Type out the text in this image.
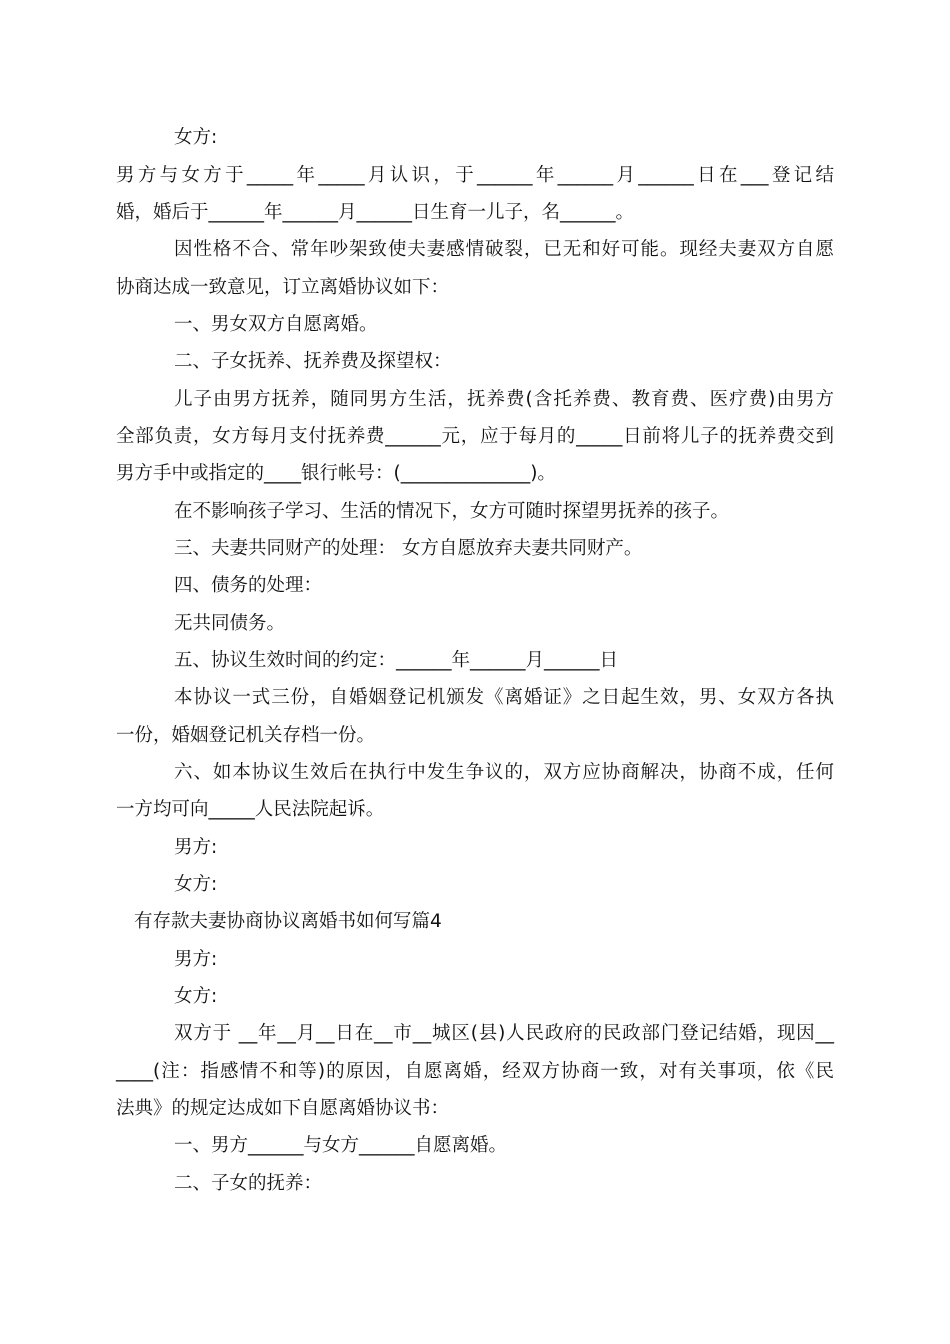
女方:
男方与女方于_____年_____月认识，于______年______月______日在___登记结
婚，婚后于______年______月______日生育一儿子，名______。
因性格不合、常年吵架致使夫妻感情破裂，已无和好可能。现经夫妻双方自愿
协商达成一致意见，订立离婚协议如下：
一、男女双方自愿离婚。
二、子女抚养、抚养费及探望权：
儿子由男方抚养，随同男方生活，抚养费(含托养费、教育费、医疗费)由男方
全部负责，女方每月支付抚养费______元，应于每月的_____日前将儿子的抚养费交到
男方手中或指定的____银行帐号：(______________)。
在不影响孩子学习、生活的情况下，女方可随时探望男抚养的孩子。
三、夫妻共同财产的处理： 女方自愿放弃夫妻共同财产。
四、债务的处理：
无共同债务。
五、协议生效时间的约定：______年______月______日
本协议一式三份，自婚姻登记机颁发《离婚证》之日起生效，男、女双方各执
一份，婚姻登记机关存档一份。
六、如本协议生效后在执行中发生争议的，双方应协商解决，协商不成，任何
一方均可向_____人民法院起诉。
男方:
女方:
有存款夫妻协商协议离婚书如何写篇4
男方:
女方:
双方于 __年__月__日在__市__城区(县)人民政府的民政部门登记结婚，现因__
____(注：指感情不和等)的原因，自愿离婚，经双方协商一致，对有关事项，依《民
法典》的规定达成如下自愿离婚协议书：
一、男方______与女方______自愿离婚。
二、子女的抚养：
